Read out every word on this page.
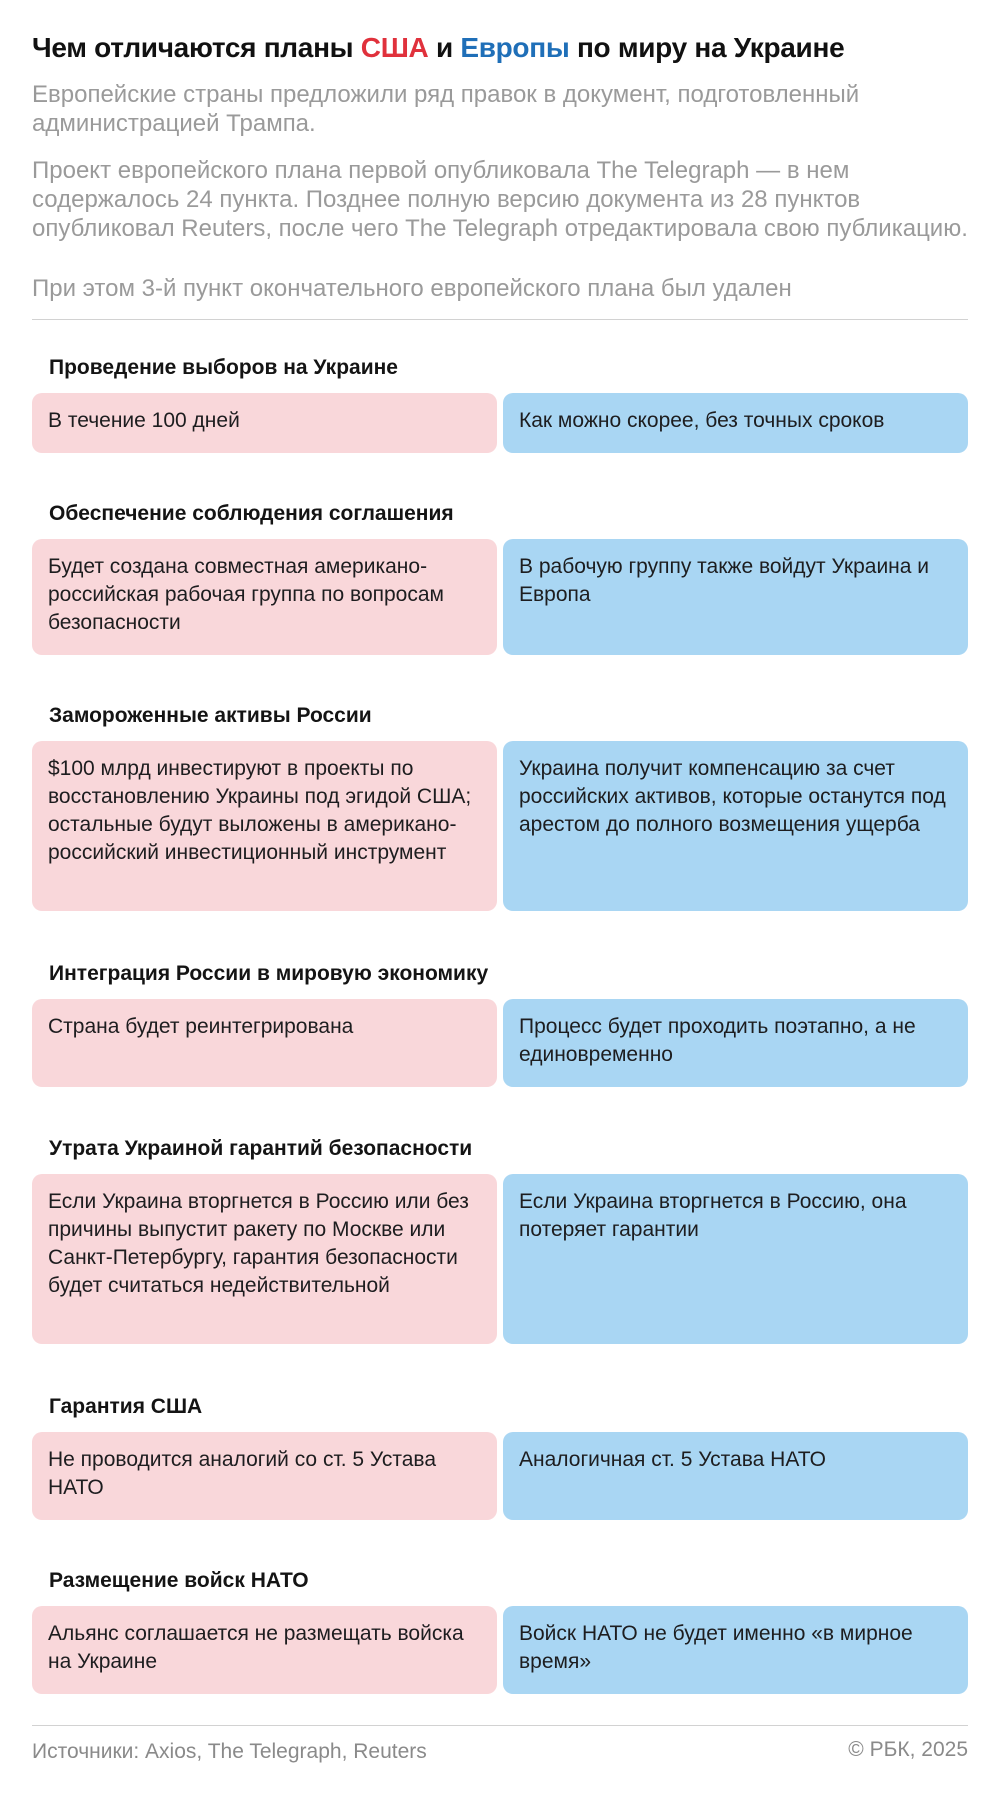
Чем отличаются планы США и Европы по миру на Украине

Европейские страны предложили ряд правок в документ, подготовленный администрацией Трампа.

Проект европейского плана первой опубликовала The Telegraph — в нем содержалось 24 пункта. Позднее полную версию документа из 28 пунктов опубликовал Reuters, после чего The Telegraph отредактировала свою публикацию.

При этом 3-й пункт окончательного европейского плана был удален

Проведение выборов на Украине
В течение 100 дней	Как можно скорее, без точных сроков
Обеспечение соблюдения соглашения
Будет создана совместная американо-российская рабочая группа по вопросам безопасности
В рабочую группу также войдут Украина и Европа
Замороженные активы России
$100 млрд инвестируют в проекты по восстановлению Украины под эгидой США; остальные будут выложены в американо-российский инвестиционный инструмент
Украина получит компенсацию за счет российских активов, которые останутся под арестом до полного возмещения ущерба
Интеграция России в мировую экономику
Страна будет реинтегрирована	Процесс будет проходить поэтапно, а не единовременно
Утрата Украиной гарантий безопасности
Если Украина вторгнется в Россию или без причины выпустит ракету по Москве или Санкт-Петербургу, гарантия безопасности будет считаться недействительной
Если Украина вторгнется в Россию, она потеряет гарантии
Гарантия США
Не проводится аналогий со ст. 5 Устава НАТО
Аналогичная ст. 5 Устава НАТО
Размещение войск НАТО
Альянс соглашается не размещать войска на Украине
Войск НАТО не будет именно «в мирное время»
Источники: Axios, The Telegraph, Reuters	© РБК, 2025
